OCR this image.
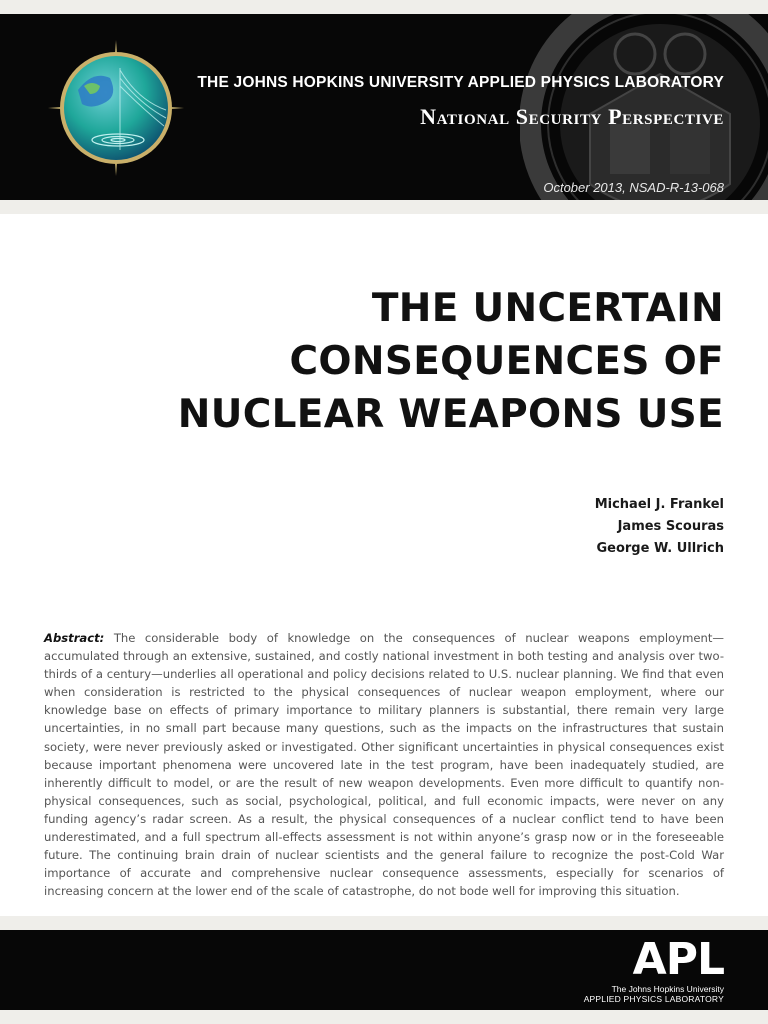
THE JOHNS HOPKINS UNIVERSITY APPLIED PHYSICS LABORATORY
National Security Perspective
October 2013, NSAD-R-13-068
THE UNCERTAIN
CONSEQUENCES OF
NUCLEAR WEAPONS USE
Michael J. Frankel
James Scouras
George W. Ullrich

Abstract: The considerable body of knowledge on the consequences of nuclear weapons employment—accumulated through an extensive, sustained, and costly national investment in both testing and analysis over two-thirds of a century—underlies all operational and policy decisions related to U.S. nuclear planning. We find that even when consideration is restricted to the physical consequences of nuclear weapon employment, where our knowledge base on effects of primary importance to military planners is substantial, there remain very large uncertainties, in no small part because many questions, such as the impacts on the infrastructures that sustain society, were never previously asked or investigated. Other significant uncertainties in physical consequences exist because important phenomena were uncovered late in the test program, have been inadequately studied, are inherently difficult to model, or are the result of new weapon developments. Even more difficult to quantify non-physical consequences, such as social, psychological, political, and full economic impacts, were never on any funding agency’s radar screen. As a result, the physical consequences of a nuclear conflict tend to have been underestimated, and a full spectrum all-effects assessment is not within anyone’s grasp now or in the foreseeable future. The continuing brain drain of nuclear scientists and the general failure to recognize the post-Cold War importance of accurate and comprehensive nuclear consequence assessments, especially for scenarios of increasing concern at the lower end of the scale of catastrophe, do not bode well for improving this situation.

APL
The Johns Hopkins University
APPLIED PHYSICS LABORATORY
